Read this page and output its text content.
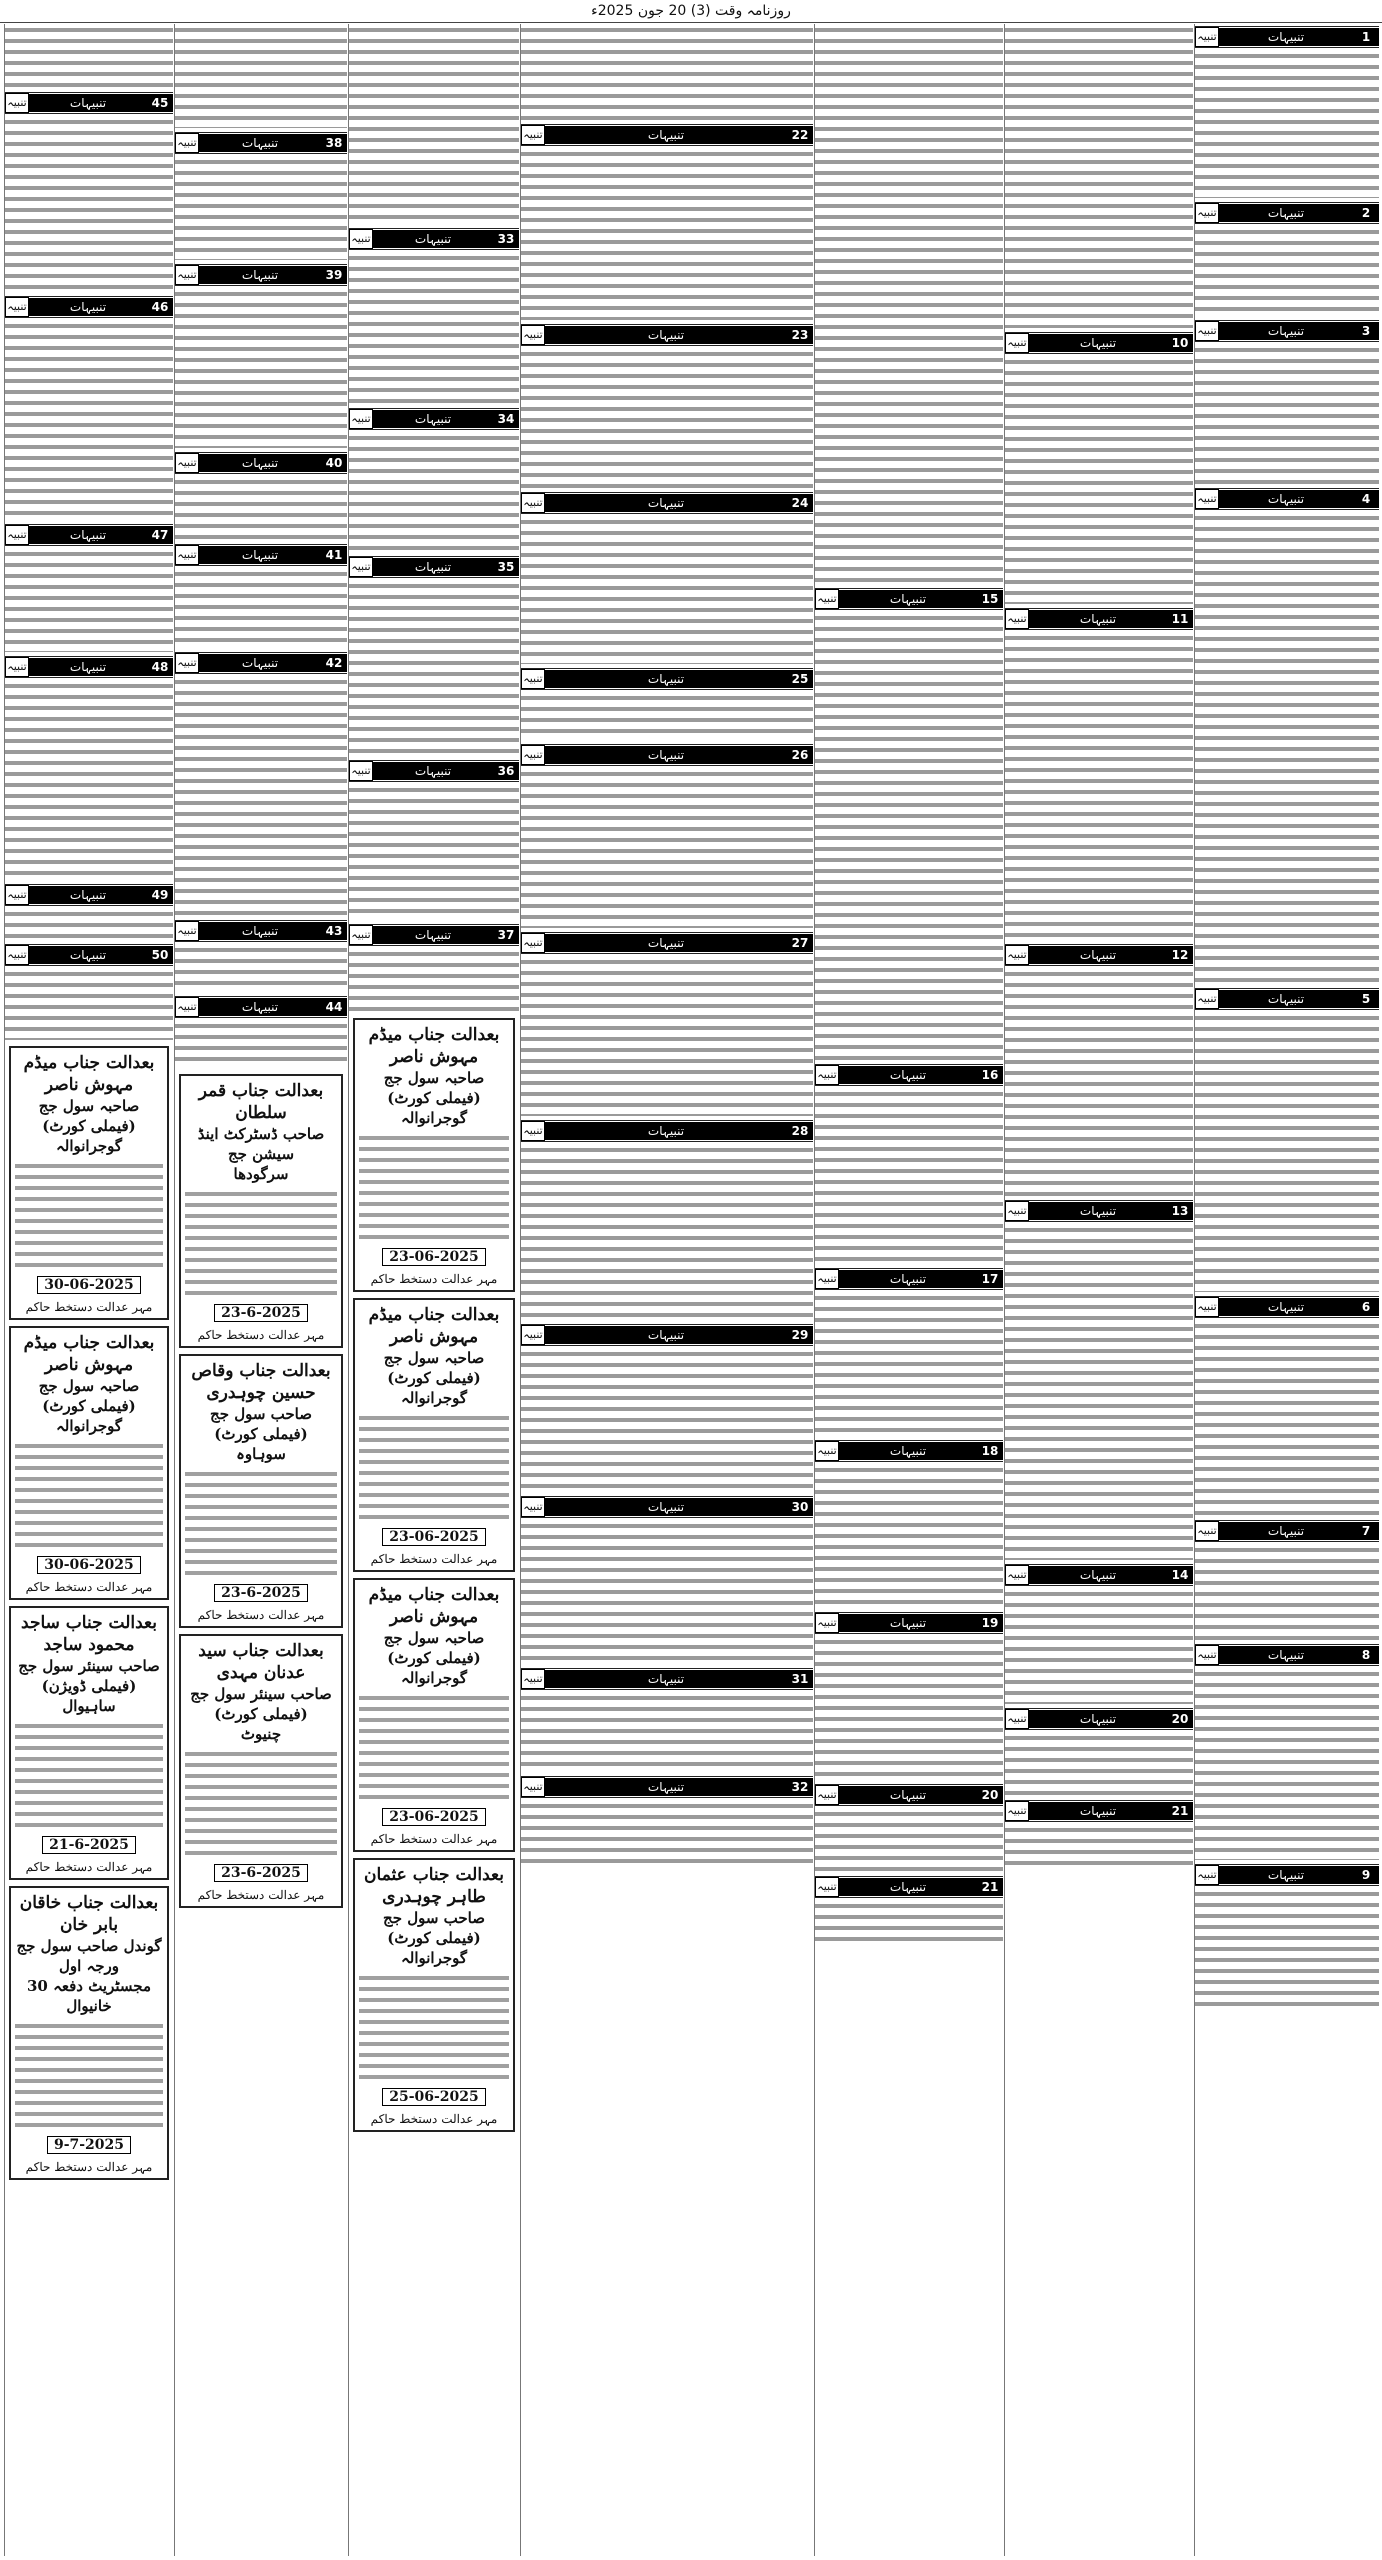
روزنامہ وقت (3) 20 جون 2025ء
تنبیہ	تنبیہات	1
تنبیہ	تنبیہات	2
تنبیہ	تنبیہات	3
تنبیہ	تنبیہات	4
تنبیہ	تنبیہات	5
تنبیہ	تنبیہات	6
تنبیہ	تنبیہات	7
تنبیہ	تنبیہات	8
تنبیہ	تنبیہات	9
تنبیہ	تنبیہات	10
تنبیہ	تنبیہات	11
تنبیہ	تنبیہات	12
تنبیہ	تنبیہات	13
تنبیہ	تنبیہات	14
تنبیہ	تنبیہات	20
تنبیہ	تنبیہات	21
تنبیہ	تنبیہات	15
تنبیہ	تنبیہات	16
تنبیہ	تنبیہات	17
تنبیہ	تنبیہات	18
تنبیہ	تنبیہات	19
تنبیہ	تنبیہات	20
تنبیہ	تنبیہات	21
تنبیہ	تنبیہات	22
تنبیہ	تنبیہات	23
تنبیہ	تنبیہات	24
تنبیہ	تنبیہات	25
تنبیہ	تنبیہات	26
تنبیہ	تنبیہات	27
تنبیہ	تنبیہات	28
تنبیہ	تنبیہات	29
تنبیہ	تنبیہات	30
تنبیہ	تنبیہات	31
تنبیہ	تنبیہات	32
تنبیہ	تنبیہات	33
تنبیہ	تنبیہات	34
تنبیہ	تنبیہات	35
تنبیہ	تنبیہات	36
تنبیہ	تنبیہات	37
بعدالت جناب میڈم مہوش ناصر
صاحبہ سول جج (فیملی کورٹ)
گوجرانوالہ
23-06-2025
مہر عدالت دستخط حاکم
بعدالت جناب میڈم مہوش ناصر
صاحبہ سول جج (فیملی کورٹ)
گوجرانوالہ
23-06-2025
مہر عدالت دستخط حاکم
بعدالت جناب میڈم مہوش ناصر
صاحبہ سول جج (فیملی کورٹ)
گوجرانوالہ
23-06-2025
مہر عدالت دستخط حاکم
بعدالت جناب عثمان طاہر چوہدری
صاحب سول جج (فیملی کورٹ)
گوجرانوالہ
25-06-2025
مہر عدالت دستخط حاکم
تنبیہ	تنبیہات	38
تنبیہ	تنبیہات	39
تنبیہ	تنبیہات	40
تنبیہ	تنبیہات	41
تنبیہ	تنبیہات	42
تنبیہ	تنبیہات	43
تنبیہ	تنبیہات	44
بعدالت جناب قمر سلطان
صاحب ڈسٹرکٹ اینڈ سیشن جج
سرگودھا
23-6-2025
مہر عدالت دستخط حاکم
بعدالت جناب وقاص حسین چوہدری
صاحب سول جج (فیملی کورٹ)
سوہاوہ
23-6-2025
مہر عدالت دستخط حاکم
بعدالت جناب سید عدنان مہدی
صاحب سینئر سول جج (فیملی کورٹ)
چنیوٹ
23-6-2025
مہر عدالت دستخط حاکم
تنبیہ	تنبیہات	45
تنبیہ	تنبیہات	46
تنبیہ	تنبیہات	47
تنبیہ	تنبیہات	48
تنبیہ	تنبیہات	49
تنبیہ	تنبیہات	50
بعدالت جناب میڈم مہوش ناصر
صاحبہ سول جج (فیملی کورٹ)
گوجرانوالہ
30-06-2025
مہر عدالت دستخط حاکم
بعدالت جناب میڈم مہوش ناصر
صاحبہ سول جج (فیملی کورٹ)
گوجرانوالہ
30-06-2025
مہر عدالت دستخط حاکم
بعدالت جناب ساجد محمود ساجد
صاحب سینئر سول جج (فیملی ڈویژن)
ساہیوال
21-6-2025
مہر عدالت دستخط حاکم
بعدالت جناب خاقان بابر خان
گوندل صاحب سول جج ورجہ اول
مجسٹریٹ دفعہ 30 خانیوال
9-7-2025
مہر عدالت دستخط حاکم
